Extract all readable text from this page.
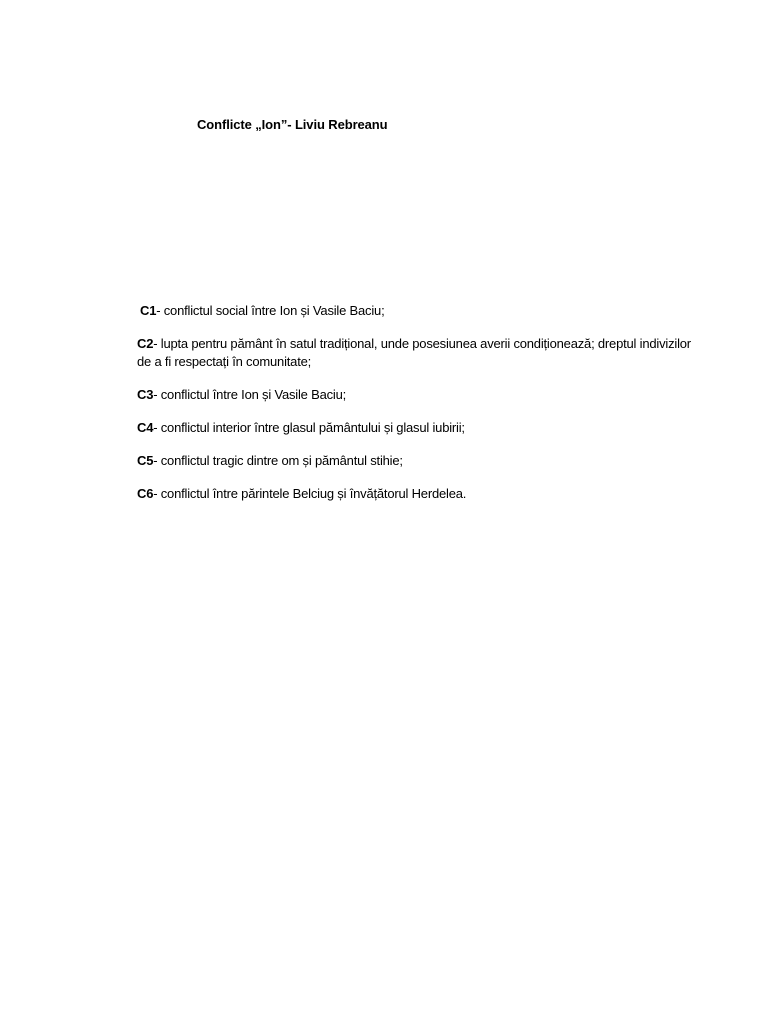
Conflicte „Ion”- Liviu Rebreanu
C1- conflictul social între Ion și Vasile Baciu;
C2- lupta pentru pământ în satul tradițional, unde posesiunea averii condiționează; dreptul indivizilor de a fi respectați în comunitate;
C3- conflictul între Ion și Vasile Baciu;
C4- conflictul interior între glasul pământului și glasul iubirii;
C5- conflictul tragic dintre om și pământul stihie;
C6- conflictul între părintele Belciug și învățătorul Herdelea.
